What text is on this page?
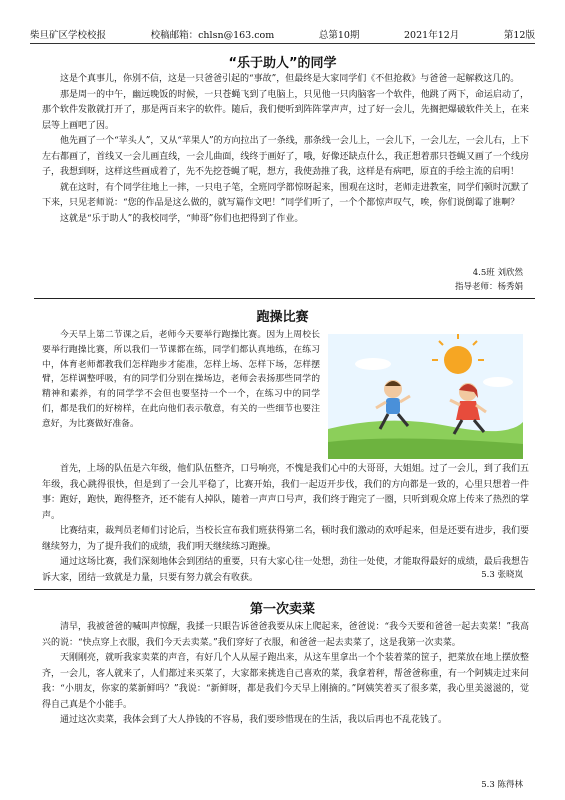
柴旦矿区学校校报	校稿邮箱：chlsn@163.com	总第10期	2021年12月	第12版
“乐于助人”的同学

这是个真事儿，你别不信，这是一只爸爸引起的“事故”，但最终是大家同学们《不但抢救》与爸爸一起解救这几的。

那是周一的中午，幽远晚饭的时候，一只苍蝇飞到了电脑上，只见他一只肉脑客一个软件，他跳了两下，命运启动了，那个软件发散就打开了，那是两百来字的软件。随后，我们便听到阵阵掌声声，过了好一会儿，先搁把爆破软件关上，在来层等上画吧了因。

他先画了一个“苹头人”，又从“苹果人”的方向拉出了一条线，那条线一会儿上，一会儿下，一会儿左，一会儿右，上下左右都画了，首线又一会儿画直线，一会儿曲面，线终于画好了，哦，好像还缺点什么，我正想着那只苍蝇又画了一个线房子，我想到呀，这样这些画成着了，先不先挖苍蝇了呢，想方，我使劲推了我，这样是有病吧，原直的手绘主流的启明！

就在这时，有个同学往地上一摔，一只电子笔，全班同学都惊呀起来，围观在这时，老师走进教室，同学们顿时沉默了下来，只见老师说：“您的作品是这么做的，就写篇作文吧！”同学们听了，一个个都惊声叹气，唉，你们说倒霉了谁啊？

这就是“乐于助人”的我校同学，“帅哥”你们也把得到了作业。

4.5班 刘欣然
指导老师：杨秀娟
跑操比赛

今天早上第二节课之后，老师今天要举行跑操比赛。因为上周校长要举行跑操比赛，所以我们一节课都在练，同学们都认真地练，在练习中，体育老师都教我们怎样跑步才能准，怎样上场、怎样下场，怎样摆臂，怎样调整呼吸，有的同学们分别在操场边，老师会表扬那些同学的精神和素养，有的同学学不会但也要坚持一个一个，在练习中的同学们，都是我们的好榜样，在此向他们表示敬意，有关的一些细节也要注意好，为比赛做好准备。

首先，上场的队伍是六年级，他们队伍整齐，口号响亮，不愧是我们心中的大哥哥，大姐姐。过了一会儿，到了我们五年级，我心跳得很快，但是到了一会儿平稳了，比赛开始，我们一起迈开步伐，我们的方向都是一致的，心里只想着一件事：跑好，跑快，跑得整齐，还不能有人掉队，随着一声声口号声，我们终于跑完了一圈，只听到观众席上传来了热烈的掌声。

比赛结束，裁判员老师们讨论后，当校长宣布我们班获得第二名，顿时我们激动的欢呼起来，但是还要有进步，我们要继续努力，为了提升我们的成绩，我们明天继续练习跑操。

通过这场比赛，我们深刻地体会到团结的重要，只有大家心往一处想，劲往一处使，才能取得最好的成绩，最后我想告诉大家，团结一致就是力量，只要有努力就会有收获。	5.3 张晓岚
第一次卖菜

清早，我被爸爸的喊叫声惊醒，我揉一只眼告诉爸爸我要从床上爬起来，爸爸说：“我今天要和爸爸一起去卖菜！”我高兴的说：“快点穿上衣服，我们今天去卖菜。”我们穿好了衣服，和爸爸一起去卖菜了，这是我第一次卖菜。

天刚刚亮，就听我家卖菜的声音，有好几个人从屋子跑出来，从这车里拿出一个个装着菜的筐子，把菜放在地上摆放整齐，一会儿，客人就来了，人们都过来买菜了，大家都来挑选自己喜欢的菜，我拿着秤，帮爸爸称重，有一个阿姨走过来问我：“小朋友，你家的菜新鲜吗？”我说：“新鲜呀，都是我们今天早上刚摘的。”阿姨笑着买了很多菜，我心里美滋滋的，觉得自己真是个小能手。

通过这次卖菜，我体会到了大人挣钱的不容易，我们要珍惜现在的生活，我以后再也不乱花钱了。

5.3 陈得林
